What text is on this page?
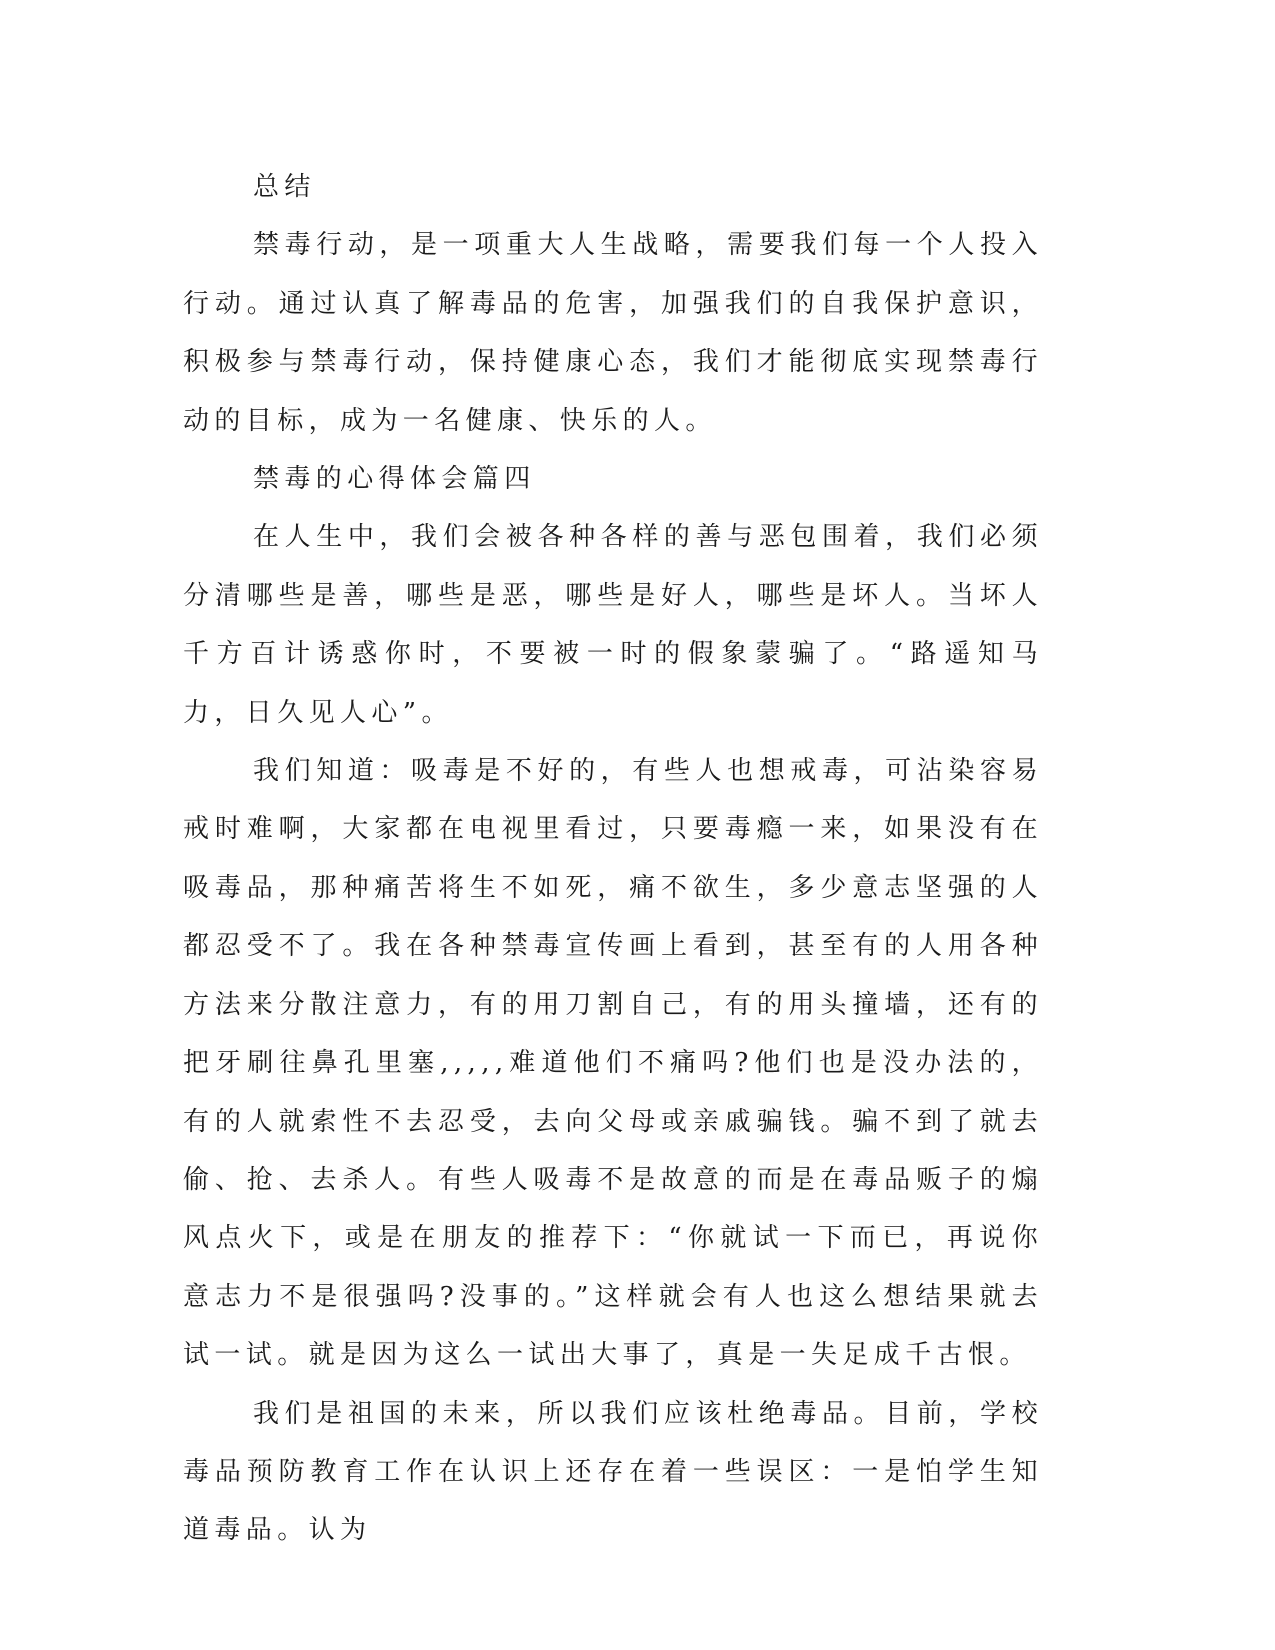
总结

禁毒行动，是一项重大人生战略，需要我们每一个人投入行动。通过认真了解毒品的危害，加强我们的自我保护意识，积极参与禁毒行动，保持健康心态，我们才能彻底实现禁毒行动的目标，成为一名健康、快乐的人。

禁毒的心得体会篇四

在人生中，我们会被各种各样的善与恶包围着，我们必须分清哪些是善，哪些是恶，哪些是好人，哪些是坏人。当坏人千方百计诱惑你时，不要被一时的假象蒙骗了。“路遥知马力，日久见人心”。

我们知道：吸毒是不好的，有些人也想戒毒，可沾染容易戒时难啊，大家都在电视里看过，只要毒瘾一来，如果没有在吸毒品，那种痛苦将生不如死，痛不欲生，多少意志坚强的人都忍受不了。我在各种禁毒宣传画上看到，甚至有的人用各种方法来分散注意力，有的用刀割自己，有的用头撞墙，还有的把牙刷往鼻孔里塞,,,,,难道他们不痛吗?他们也是没办法的，有的人就索性不去忍受，去向父母或亲戚骗钱。骗不到了就去偷、抢、去杀人。有些人吸毒不是故意的而是在毒品贩子的煽风点火下，或是在朋友的推荐下：“你就试一下而已，再说你意志力不是很强吗?没事的。”这样就会有人也这么想结果就去试一试。就是因为这么一试出大事了，真是一失足成千古恨。

我们是祖国的未来，所以我们应该杜绝毒品。目前，学校毒品预防教育工作在认识上还存在着一些误区：一是怕学生知道毒品。认为
